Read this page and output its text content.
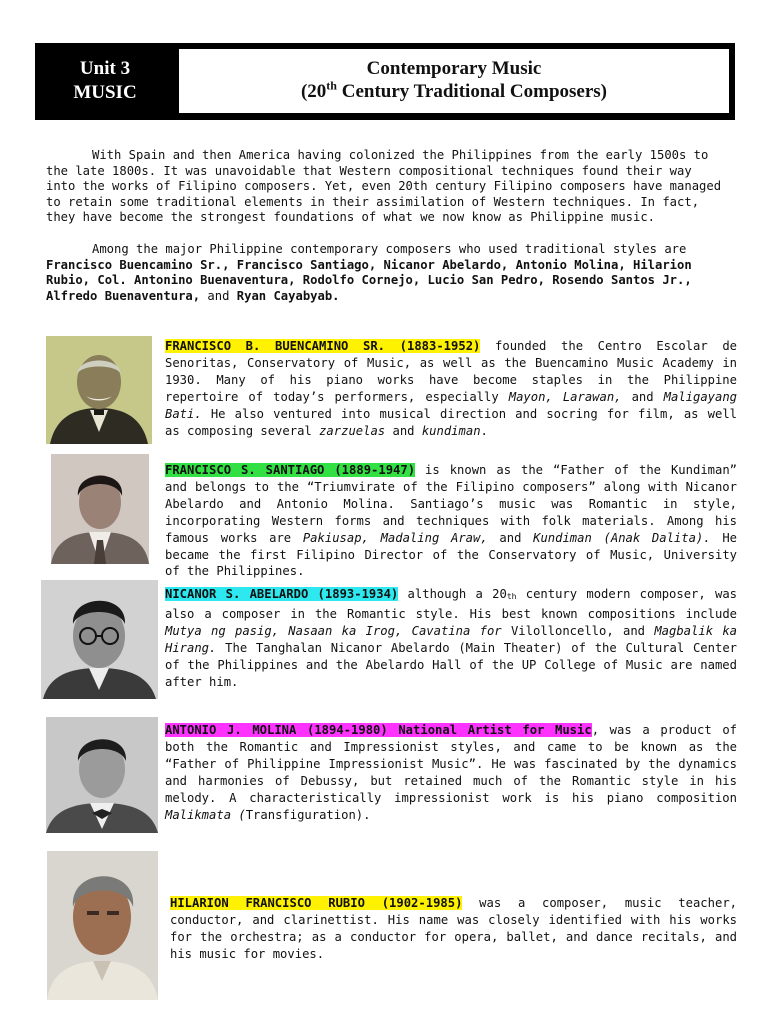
Unit 3
MUSIC
Contemporary Music
(20th Century Traditional Composers)
With Spain and then America having colonized the Philippines from the early 1500s to the late 1800s. It was unavoidable that Western compositional techniques found their way into the works of Filipino composers. Yet, even 20th century Filipino composers have managed to retain some traditional elements in their assimilation of Western techniques. In fact, they have become the strongest foundations of what we now know as Philippine music.
Among the major Philippine contemporary composers who used traditional styles are Francisco Buencamino Sr., Francisco Santiago, Nicanor Abelardo, Antonio Molina, Hilarion Rubio, Col. Antonino Buenaventura, Rodolfo Cornejo, Lucio San Pedro, Rosendo Santos Jr., Alfredo Buenaventura, and Ryan Cayabyab.
FRANCISCO B. BUENCAMINO SR. (1883-1952) founded the Centro Escolar de Senoritas, Conservatory of Music, as well as the Buencamino Music Academy in 1930. Many of his piano works have become staples in the Philippine repertoire of today’s performers, especially Mayon, Larawan, and Maligayang Bati. He also ventured into musical direction and socring for film, as well as composing several zarzuelas and kundiman.
FRANCISCO S. SANTIAGO (1889-1947) is known as the “Father of the Kundiman” and belongs to the “Triumvirate of the Filipino composers” along with Nicanor Abelardo and Antonio Molina. Santiago’s music was Romantic in style, incorporating Western forms and techniques with folk materials. Among his famous works are Pakiusap, Madaling Araw, and Kundiman (Anak Dalita). He became the first Filipino Director of the Conservatory of Music, University of the Philippines.
NICANOR S. ABELARDO (1893-1934) although a 20th century modern composer, was also a composer in the Romantic style. His best known compositions include Mutya ng pasig, Nasaan ka Irog, Cavatina for Vilolloncello, and Magbalik ka Hirang. The Tanghalan Nicanor Abelardo (Main Theater) of the Cultural Center of the Philippines and the Abelardo Hall of the UP College of Music are named after him.
ANTONIO J. MOLINA (1894-1980) National Artist for Music, was a product of both the Romantic and Impressionist styles, and came to be known as the “Father of Philippine Impressionist Music”. He was fascinated by the dynamics and harmonies of Debussy, but retained much of the Romantic style in his melody. A characteristically impressionist work is his piano composition Malikmata (Transfiguration).
HILARION FRANCISCO RUBIO (1902-1985) was a composer, music teacher, conductor, and clarinettist. His name was closely identified with his works for the orchestra; as a conductor for opera, ballet, and dance recitals, and his music for movies.
